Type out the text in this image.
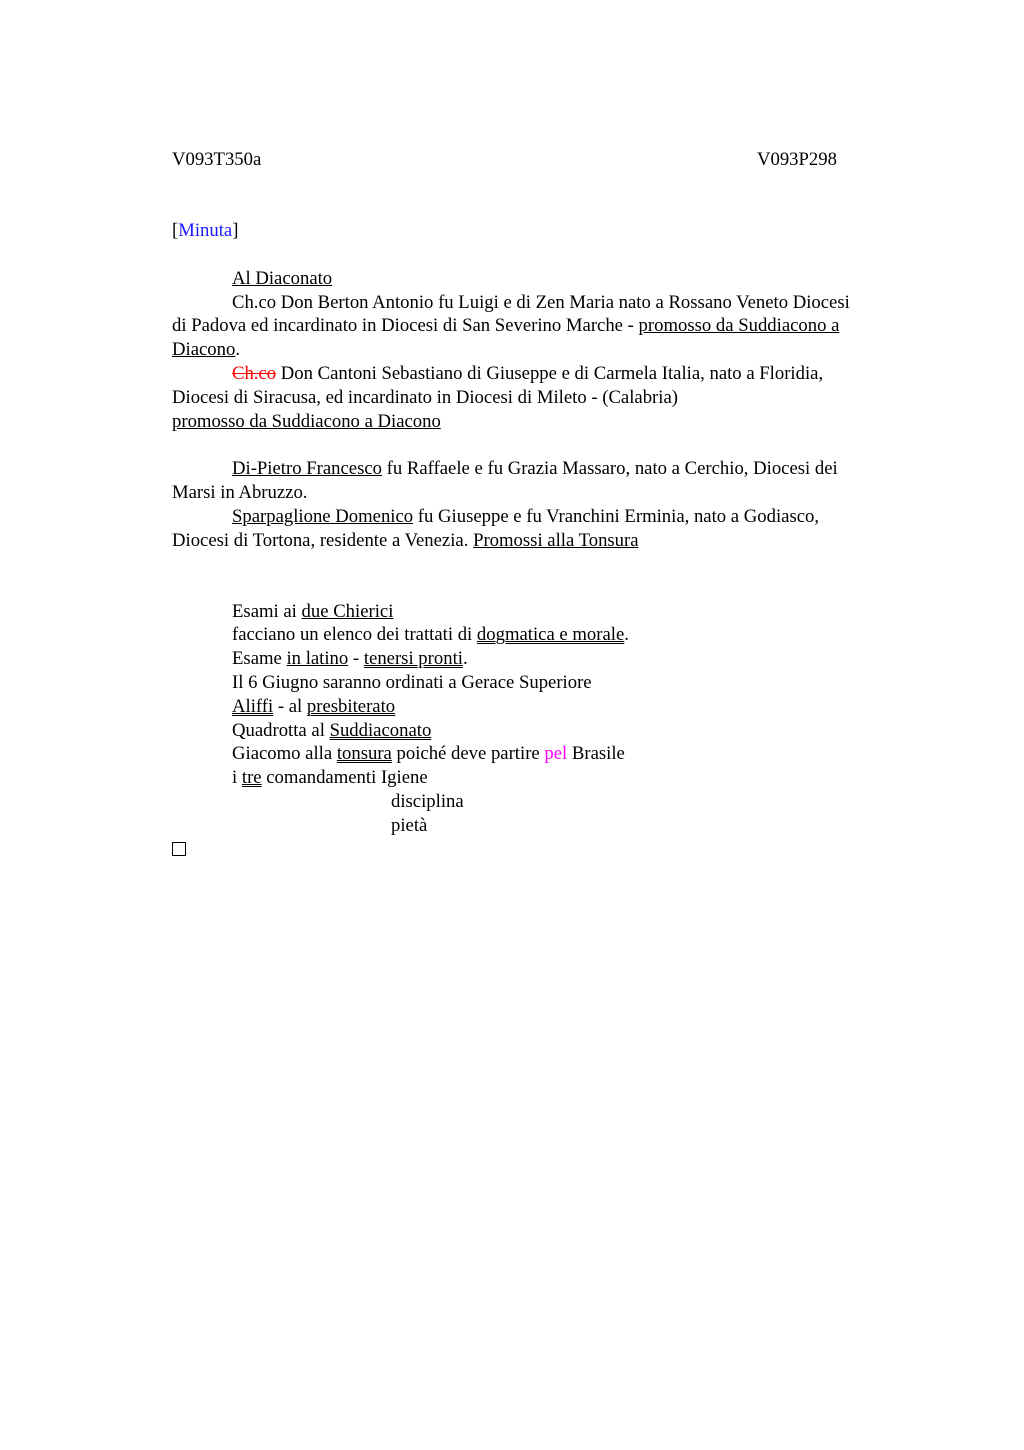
V093T350a	V093P298
[Minuta]
Al Diaconato
Ch.co Don Berton Antonio fu Luigi e di Zen Maria nato a Rossano Veneto Diocesi
di Padova ed incardinato in Diocesi di San Severino Marche - promosso da Suddiacono a
Diacono.
Ch.co Don Cantoni Sebastiano di Giuseppe e di Carmela Italia, nato a Floridia,
Diocesi di Siracusa, ed incardinato in Diocesi di Mileto - (Calabria)
promosso da Suddiacono a Diacono
Di-Pietro Francesco fu Raffaele e fu Grazia Massaro, nato a Cerchio, Diocesi dei
Marsi in Abruzzo.
Sparpaglione Domenico fu Giuseppe e fu Vranchini Erminia, nato a Godiasco,
Diocesi di Tortona, residente a Venezia. Promossi alla Tonsura
Esami ai due Chierici
facciano un elenco dei trattati di dogmatica e morale.
Esame in latino - tenersi pronti.
Il 6 Giugno saranno ordinati a Gerace Superiore
Aliffi - al presbiterato
Quadrotta al Suddiaconato
Giacomo alla tonsura poiché deve partire pel Brasile
i tre comandamenti Igiene
disciplina
pietà
